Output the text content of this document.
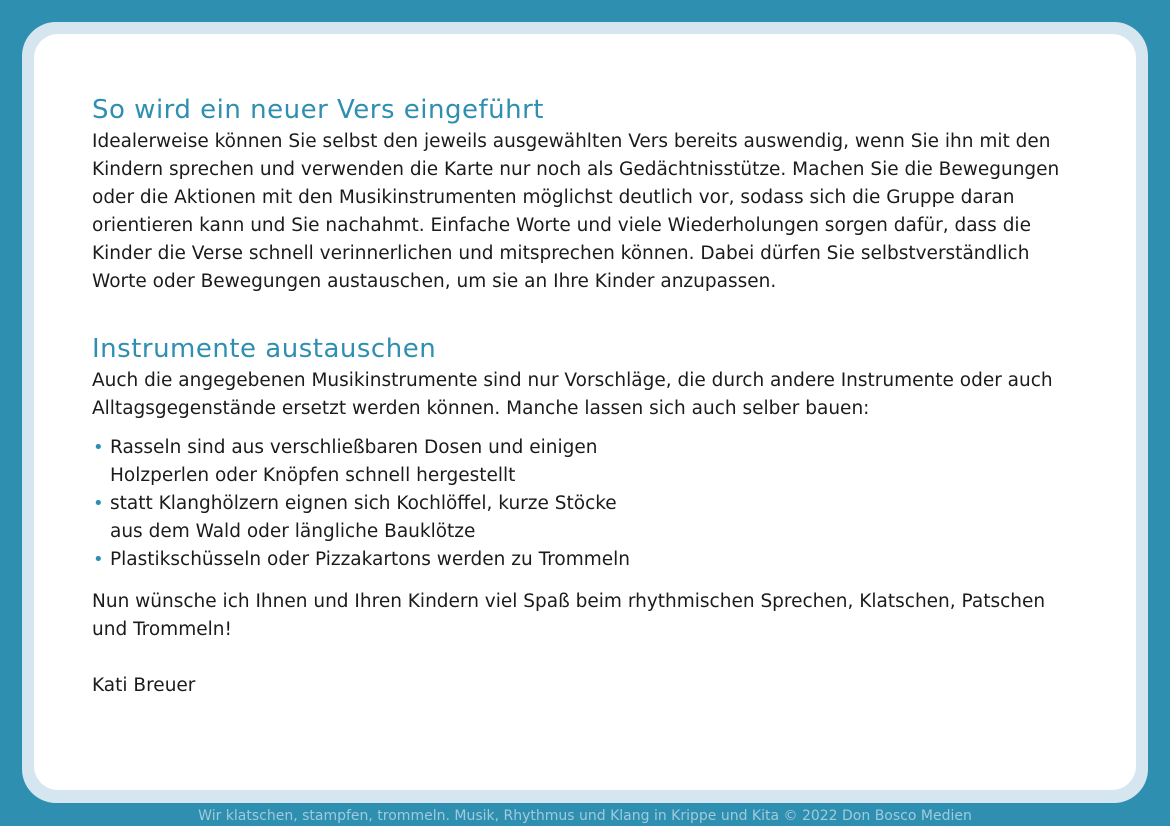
So wird ein neuer Vers eingeführt

Idealerweise können Sie selbst den jeweils ausgewählten Vers bereits auswendig, wenn Sie ihn mit den Kindern sprechen und verwenden die Karte nur noch als Gedächtnisstütze. Machen Sie die Bewegungen oder die Aktionen mit den Musikinstrumenten möglichst deutlich vor, sodass sich die Gruppe daran orientieren kann und Sie nachahmt. Einfache Worte und viele Wiederholungen sorgen dafür, dass die Kinder die Verse schnell verinnerlichen und mitsprechen können. Dabei dürfen Sie selbstverständlich Worte oder Bewegungen austauschen, um sie an Ihre Kinder anzupassen.

Instrumente austauschen

Auch die angegebenen Musikinstrumente sind nur Vorschläge, die durch andere Instrumente oder auch Alltagsgegenstände ersetzt werden können. Manche lassen sich auch selber bauen:

• Rasseln sind aus verschließbaren Dosen und einigen Holzperlen oder Knöpfen schnell hergestellt
• statt Klanghölzern eignen sich Kochlöffel, kurze Stöcke aus dem Wald oder längliche Bauklötze
• Plastikschüsseln oder Pizzakartons werden zu Trommeln

Nun wünsche ich Ihnen und Ihren Kindern viel Spaß beim rhythmischen Sprechen, Klatschen, Patschen und Trommeln!

Kati Breuer

Wir klatschen, stampfen, trommeln. Musik, Rhythmus und Klang in Krippe und Kita © 2022 Don Bosco Medien
